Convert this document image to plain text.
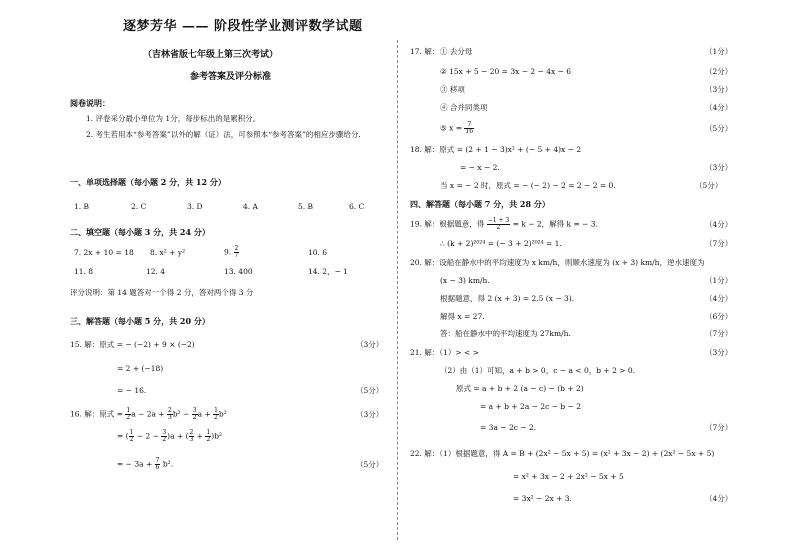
逐梦芳华 —— 阶段性学业测评数学试题
（吉林省版七年级上第三次考试）
参考答案及评分标准
阅卷说明：
1. 评卷采分最小单位为 1分，每步标出的是累积分。
2. 考生若用本“参考答案”以外的解（证）法，可参照本“参考答案”的相应步骤给分.
一、单项选择题（每小题 2 分，共 12 分）
1. B	2. C	3. D	4. A	5. B	6. C
二、填空题（每小题 3 分，共 24 分）
7. 2x + 10 = 18 8. x² + y²	9. $\frac{2}{7}$	10. 6
11. 8	12. 4	13. 400	14. 2，− 1
评分说明：第 14 题答对一个得 2 分，答对两个得 3 分
三、解答题（每小题 5 分，共 20 分）
15. 解：原式 = − (−2) + 9 × (−2)	（3分）
= 2 + (−18)
= − 16.	（5分）
16. 解：原式 = $\frac{1}{2}$ $a - 2a + \frac{2}{3} b^2 - \frac{3}{2}$ $a + \frac{1}{2} b^2$	（3分）
= ( $\frac{1}{2} - 2 - \frac{3}{2} )a$ + ( $\frac{2}{3} + \frac{1}{2} )b^2$
= − $3a + \frac{7}{6} b^2$.	（5分）
17. 解： ① 去分母	（1分）
② 15x + 5 − 20 = 3x − 2 − 4x − 6	（2分）
③ 移项	（3分）
④ 合并同类项	（4分）
⑤ $x = \frac{7}{16}$	（5分）
18. 解：原式 = (2 + 1 − 3)x² + (− 5 + 4)x − 2
= − x − 2.	（3分）
当 x = − 2 时，原式 = − (− 2) − 2 = 2 − 2 = 0.	（5分）
四、解答题（每小题 7 分，共 28 分）
19. 解：根据题意，得 $\frac{-1 + 3}{2} = k - 2$，解得 k = − 3.	（4分）
∴ (k + 2)²⁰²⁴ = (− 3 + 2)²⁰²⁴ = 1.	（7分）
20. 解：设船在静水中的平均速度为 x km/h，则顺水速度为 (x + 3) km/h，逆水速度为
(x − 3) km/h.	（1分）
根据题意，得 2 (x + 3) = 2.5 (x − 3).	（4分）
解得 x = 27.	（6分）
答：船在静水中的平均速度为 27km/h.	（7分）
21. 解：（1）> < >	（3分）
（2）由（1）可知，a + b > 0，c − a < 0，b + 2 > 0.
原式 = a + b + 2 (a − c) − (b + 2)
= a + b + 2a − 2c − b − 2
= 3a − 2c − 2.	（7分）
22. 解：（1）根据题意，得 A = B + (2x² − 5x + 5) = (x² + 3x − 2) + (2x² − 5x + 5)
= x² + 3x − 2 + 2x² − 5x + 5
= 3x² − 2x + 3.	（4分）
